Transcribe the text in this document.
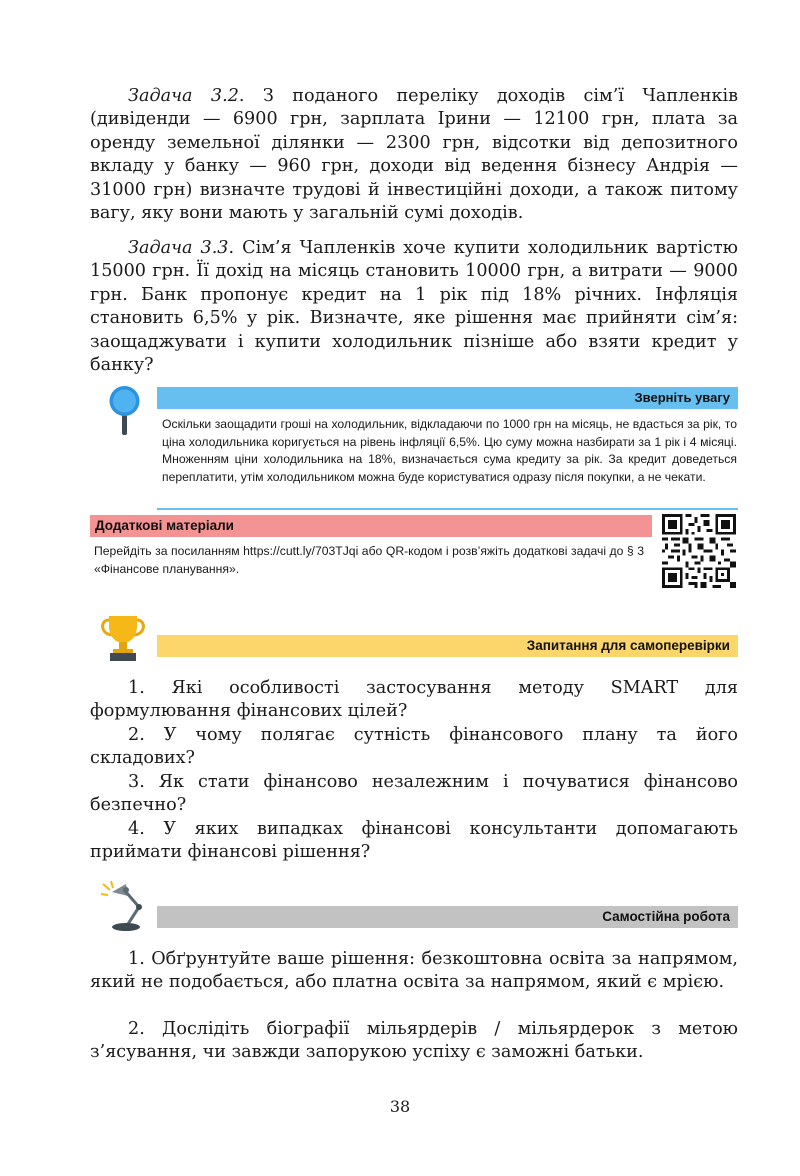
Задача 3.2. З поданого переліку доходів сім’ї Чапленків (дивіденди — 6900 грн, зарплата Ірини — 12100 грн, плата за оренду земельної ділянки — 2300 грн, відсотки від депозитного вкладу у банку — 960 грн, доходи від ведення бізнесу Андрія — 31000 грн) визначте трудові й інвестиційні доходи, а також питому вагу, яку вони мають у загальній сумі доходів.

Задача 3.3. Сім’я Чапленків хоче купити холодильник вартістю 15000 грн. Її дохід на місяць становить 10000 грн, а витрати — 9000 грн. Банк пропонує кредит на 1 рік під 18% річних. Інфляція становить 6,5% у рік. Визначте, яке рішення має прийняти сім’я: заощаджувати і купити холодильник пізніше або взяти кредит у банку?

Зверніть увагу

Оскільки заощадити гроші на холодильник, відкладаючи по 1000 грн на місяць, не вдасться за рік, то ціна холодильника коригується на рівень інфляції 6,5%. Цю суму можна назбирати за 1 рік і 4 місяці. Множенням ціни холодильника на 18%, визначається сума кредиту за рік. За кредит доведеться переплатити, утім холодильником можна буде користуватися одразу після покупки, а не чекати.

Додаткові матеріали

Перейдіть за посиланням https://cutt.ly/703TJqi або QR-кодом і розв’яжіть додаткові задачі до § 3 «Фінансове планування».

Запитання для самоперевірки

1. Які особливості застосування методу SMART для формулювання фінансових цілей?

2. У чому полягає сутність фінансового плану та його складових?

3. Як стати фінансово незалежним і почуватися фінансово безпечно?

4. У яких випадках фінансові консультанти допомагають приймати фінансові рішення?

Самостійна робота

1. Обґрунтуйте ваше рішення: безкоштовна освіта за напрямом, який не подобається, або платна освіта за напрямом, який є мрією.

2. Дослідіть біографії мільярдерів / мільярдерок з метою з’ясування, чи завжди запорукою успіху є заможні батьки.

38
